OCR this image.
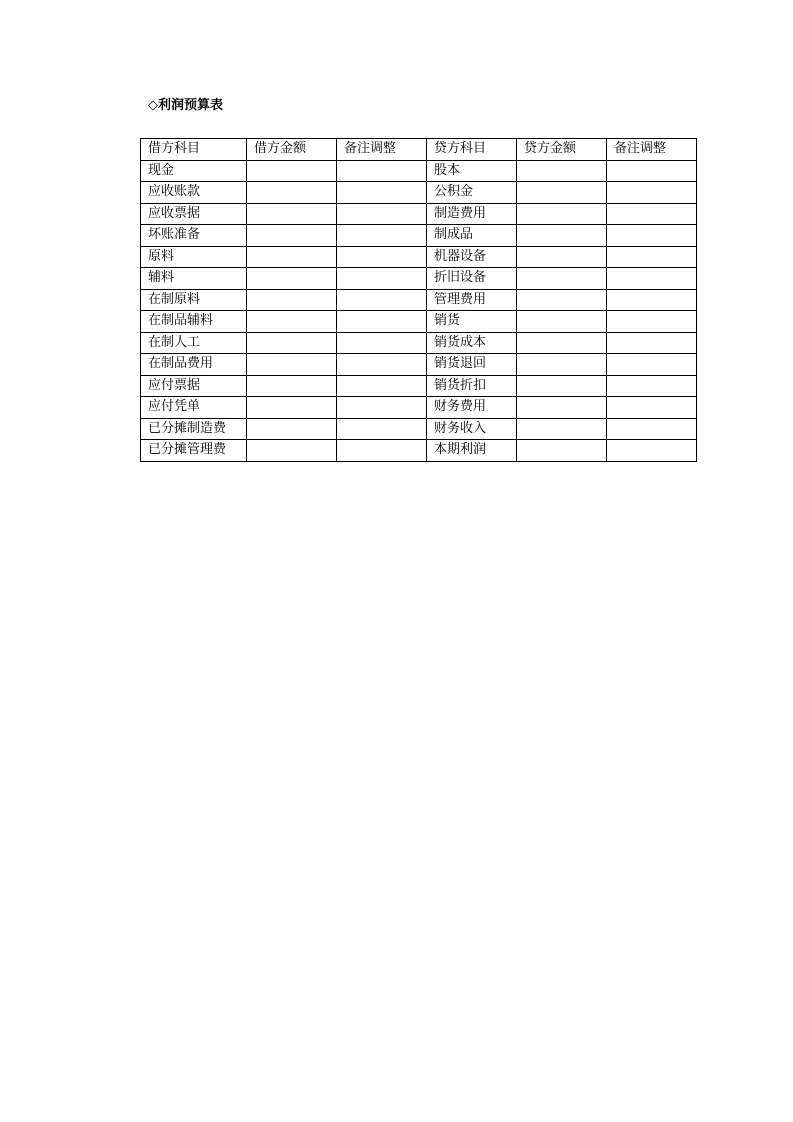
◇利润预算表
借方科目	借方金额	备注调整	贷方科目	贷方金额	备注调整
现金			股本		
应收账款			公积金		
应收票据			制造费用		
坏账准备			制成品		
原料			机器设备		
辅料			折旧设备		
在制原料			管理费用		
在制品辅料			销货		
在制人工			销货成本		
在制品费用			销货退回		
应付票据			销货折扣		
应付凭单			财务费用		
已分摊制造费			财务收入		
已分摊管理费			本期利润		
